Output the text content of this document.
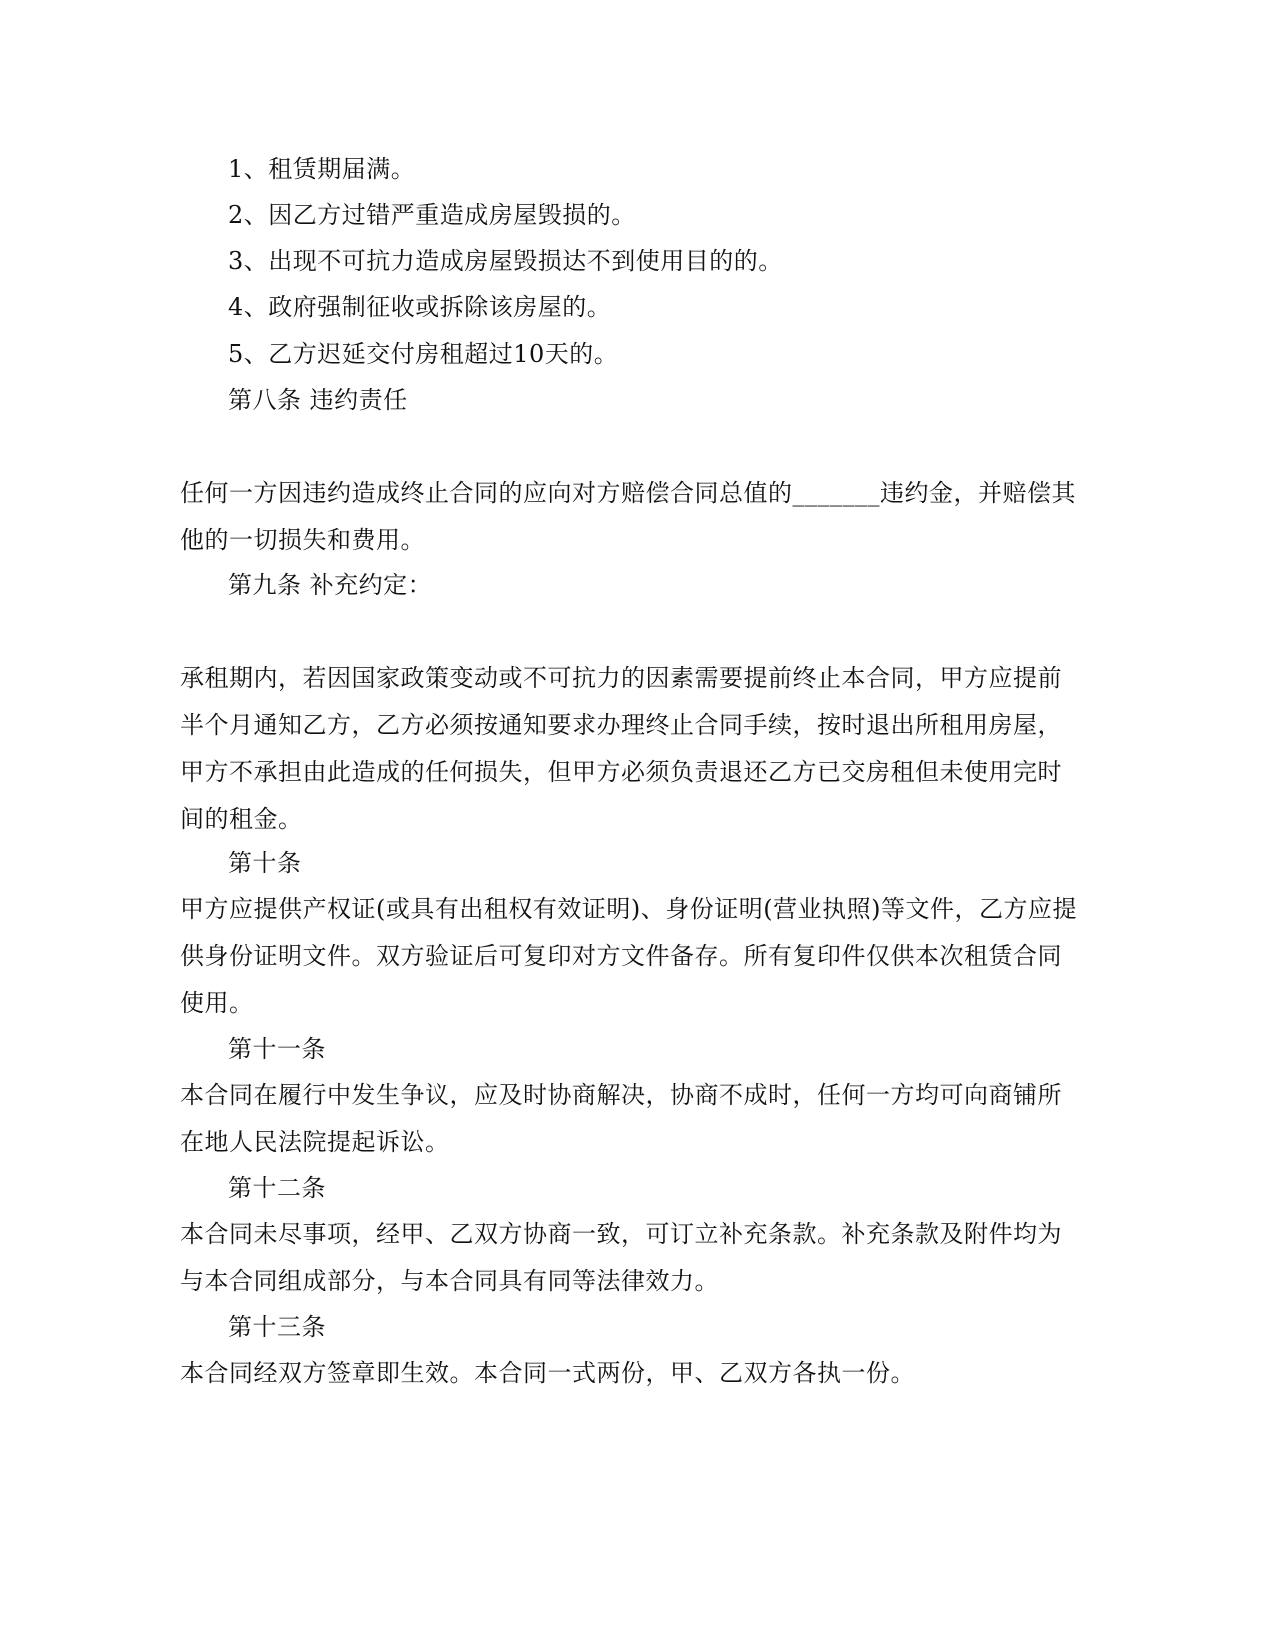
1、租赁期届满。
2、因乙方过错严重造成房屋毁损的。
3、出现不可抗力造成房屋毁损达不到使用目的的。
4、政府强制征收或拆除该房屋的。
5、乙方迟延交付房租超过10天的。
第八条 违约责任
任何一方因违约造成终止合同的应向对方赔偿合同总值的_______违约金，并赔偿其他的一切损失和费用。
第九条 补充约定：
承租期内，若因国家政策变动或不可抗力的因素需要提前终止本合同，甲方应提前半个月通知乙方，乙方必须按通知要求办理终止合同手续，按时退出所租用房屋，甲方不承担由此造成的任何损失，但甲方必须负责退还乙方已交房租但未使用完时间的租金。
第十条
甲方应提供产权证(或具有出租权有效证明)、身份证明(营业执照)等文件，乙方应提供身份证明文件。双方验证后可复印对方文件备存。所有复印件仅供本次租赁合同使用。
第十一条
本合同在履行中发生争议，应及时协商解决，协商不成时，任何一方均可向商铺所在地人民法院提起诉讼。
第十二条
本合同未尽事项，经甲、乙双方协商一致，可订立补充条款。补充条款及附件均为与本合同组成部分，与本合同具有同等法律效力。
第十三条
本合同经双方签章即生效。本合同一式两份，甲、乙双方各执一份。
